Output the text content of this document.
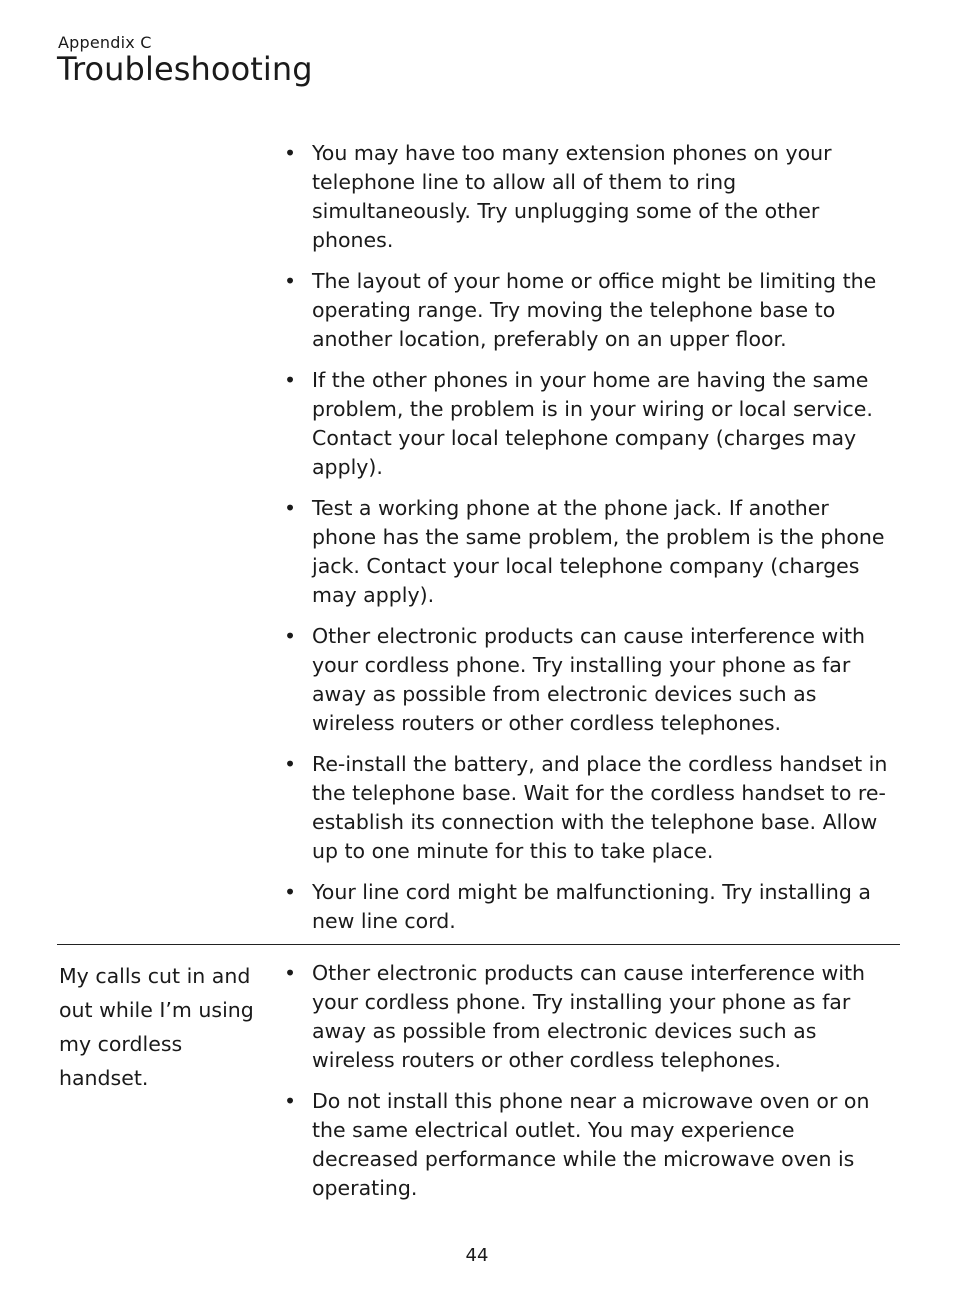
Appendix C
Troubleshooting
• You may have too many extension phones on your telephone line to allow all of them to ring simultaneously. Try unplugging some of the other phones.
• The layout of your home or office might be limiting the operating range. Try moving the telephone base to another location, preferably on an upper floor.
• If the other phones in your home are having the same problem, the problem is in your wiring or local service. Contact your local telephone company (charges may apply).
• Test a working phone at the phone jack. If another phone has the same problem, the problem is the phone jack. Contact your local telephone company (charges may apply).
• Other electronic products can cause interference with your cordless phone. Try installing your phone as far away as possible from electronic devices such as wireless routers or other cordless telephones.
• Re-install the battery, and place the cordless handset in the telephone base. Wait for the cordless handset to re-establish its connection with the telephone base. Allow up to one minute for this to take place.
• Your line cord might be malfunctioning. Try installing a new line cord.
My calls cut in and out while I’m using my cordless handset.
• Other electronic products can cause interference with your cordless phone. Try installing your phone as far away as possible from electronic devices such as wireless routers or other cordless telephones.
• Do not install this phone near a microwave oven or on the same electrical outlet. You may experience decreased performance while the microwave oven is operating.
44
